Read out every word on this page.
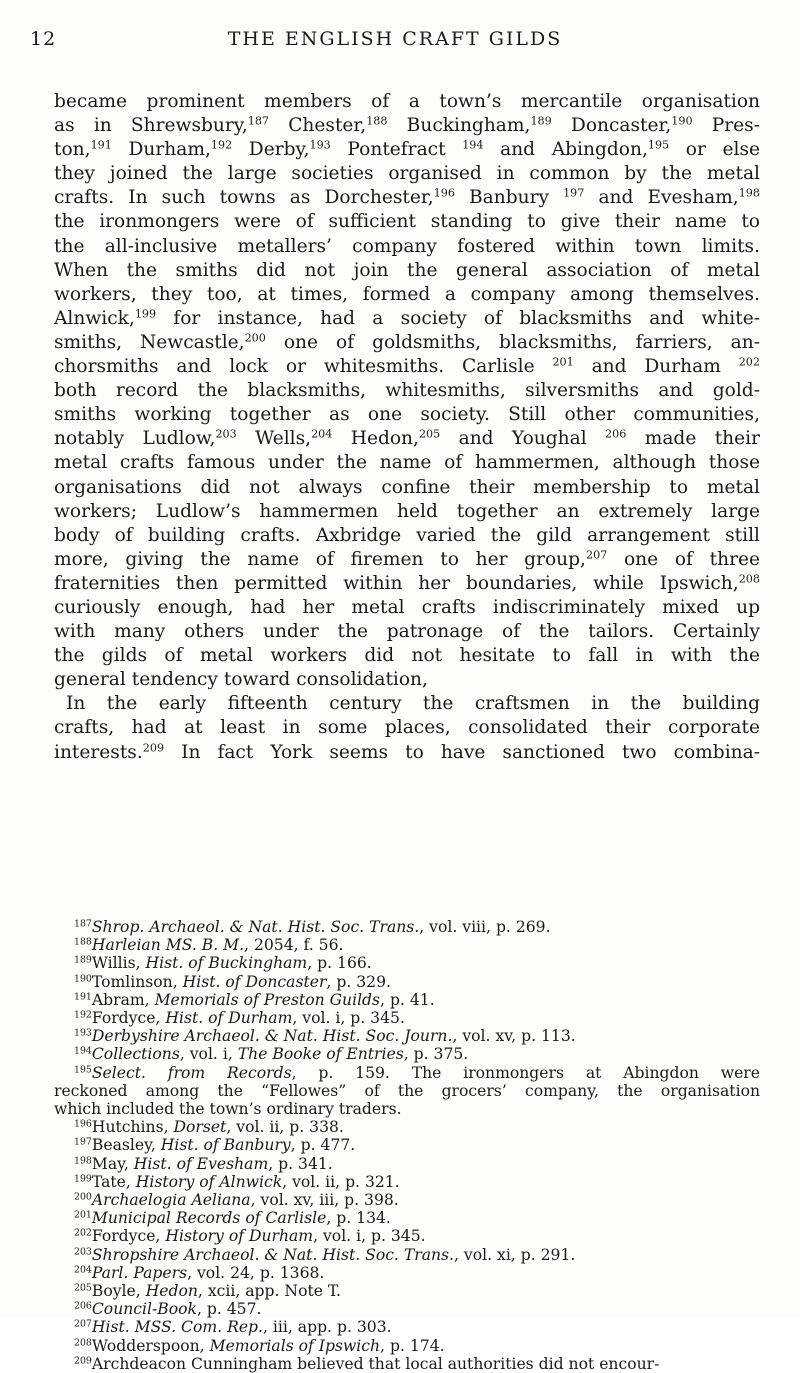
12	THE ENGLISH CRAFT GILDS

became prominent members of a town’s mercantile organisation
as in Shrewsbury,$^{187}$ Chester,$^{188}$ Buckingham,$^{189}$ Doncaster,$^{190}$ Pres-
ton,$^{191}$ Durham,$^{192}$ Derby,$^{193}$ Pontefract $^{194}$ and Abingdon,$^{195}$ or else
they joined the large societies organised in common by the metal
crafts. In such towns as Dorchester,$^{196}$ Banbury $^{197}$ and Evesham,$^{198}$
the ironmongers were of sufficient standing to give their name to
the all-inclusive metallers’ company fostered within town limits.
When the smiths did not join the general association of metal
workers, they too, at times, formed a company among themselves.
Alnwick,$^{199}$ for instance, had a society of blacksmiths and white-
smiths, Newcastle,$^{200}$ one of goldsmiths, blacksmiths, farriers, an-
chorsmiths and lock or whitesmiths. Carlisle $^{201}$ and Durham $^{202}$
both record the blacksmiths, whitesmiths, silversmiths and gold-
smiths working together as one society. Still other communities,
notably Ludlow,$^{203}$ Wells,$^{204}$ Hedon,$^{205}$ and Youghal $^{206}$ made their
metal crafts famous under the name of hammermen, although those
organisations did not always confine their membership to metal
workers; Ludlow’s hammermen held together an extremely large
body of building crafts. Axbridge varied the gild arrangement still
more, giving the name of firemen to her group,$^{207}$ one of three
fraternities then permitted within her boundaries, while Ipswich,$^{208}$
curiously enough, had her metal crafts indiscriminately mixed up
with many others under the patronage of the tailors. Certainly
the gilds of metal workers did not hesitate to fall in with the
general tendency toward consolidation,

In the early fifteenth century the craftsmen in the building
crafts, had at least in some places, consolidated their corporate
interests.$^{209}$ In fact York seems to have sanctioned two combina-

$^{187}$Shrop. Archaeol. & Nat. Hist. Soc. Trans., vol. viii, p. 269.
$^{188}$Harleian MS. B. M., 2054, f. 56.
$^{189}$Willis, Hist. of Buckingham, p. 166.
$^{190}$Tomlinson, Hist. of Doncaster, p. 329.
$^{191}$Abram, Memorials of Preston Guilds, p. 41.
$^{192}$Fordyce, Hist. of Durham, vol. i, p. 345.
$^{193}$Derbyshire Archaeol. & Nat. Hist. Soc. Journ., vol. xv, p. 113.
$^{194}$Collections, vol. i, The Booke of Entries, p. 375.
$^{195}$Select. from Records, p. 159. The ironmongers at Abingdon were
reckoned among the “Fellowes” of the grocers’ company, the organisation
which included the town’s ordinary traders.
$^{196}$Hutchins, Dorset, vol. ii, p. 338.
$^{197}$Beasley, Hist. of Banbury, p. 477.
$^{198}$May, Hist. of Evesham, p. 341.
$^{199}$Tate, History of Alnwick, vol. ii, p. 321.
$^{200}$Archaelogia Aeliana, vol. xv, iii, p. 398.
$^{201}$Municipal Records of Carlisle, p. 134.
$^{202}$Fordyce, History of Durham, vol. i, p. 345.
$^{203}$Shropshire Archaeol. & Nat. Hist. Soc. Trans., vol. xi, p. 291.
$^{204}$Parl. Papers, vol. 24, p. 1368.
$^{205}$Boyle, Hedon, xcii, app. Note T.
$^{206}$Council-Book, p. 457.
$^{207}$Hist. MSS. Com. Rep., iii, app. p. 303.
$^{208}$Wodderspoon, Memorials of Ipswich, p. 174.
$^{209}$Archdeacon Cunningham believed that local authorities did not encour-
